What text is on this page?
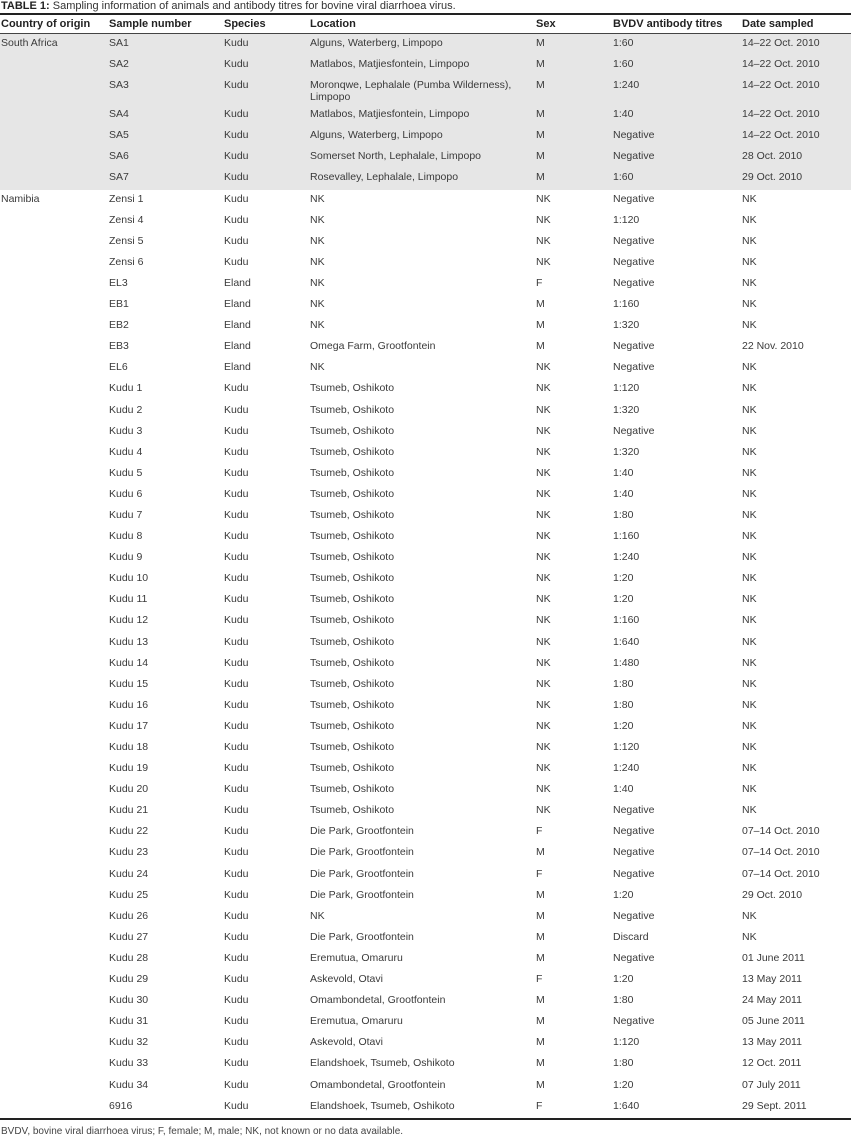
TABLE 1: Sampling information of animals and antibody titres for bovine viral diarrhoea virus.
Country of origin	Sample number	Species	Location	Sex	BVDV antibody titres	Date sampled
South Africa	SA1	Kudu	Alguns, Waterberg, Limpopo	M	1:60	14–22 Oct. 2010
	SA2	Kudu	Matlabos, Matjiesfontein, Limpopo	M	1:60	14–22 Oct. 2010
	SA3	Kudu	Moronqwe, Lephalale (Pumba Wilderness), Limpopo	M	1:240	14–22 Oct. 2010
	SA4	Kudu	Matlabos, Matjiesfontein, Limpopo	M	1:40	14–22 Oct. 2010
	SA5	Kudu	Alguns, Waterberg, Limpopo	M	Negative	14–22 Oct. 2010
	SA6	Kudu	Somerset North, Lephalale, Limpopo	M	Negative	28 Oct. 2010
	SA7	Kudu	Rosevalley, Lephalale, Limpopo	M	1:60	29 Oct. 2010
Namibia	Zensi 1	Kudu	NK	NK	Negative	NK
	Zensi 4	Kudu	NK	NK	1:120	NK
	Zensi 5	Kudu	NK	NK	Negative	NK
	Zensi 6	Kudu	NK	NK	Negative	NK
	EL3	Eland	NK	F	Negative	NK
	EB1	Eland	NK	M	1:160	NK
	EB2	Eland	NK	M	1:320	NK
	EB3	Eland	Omega Farm, Grootfontein	M	Negative	22 Nov. 2010
	EL6	Eland	NK	NK	Negative	NK
	Kudu 1	Kudu	Tsumeb, Oshikoto	NK	1:120	NK
	Kudu 2	Kudu	Tsumeb, Oshikoto	NK	1:320	NK
	Kudu 3	Kudu	Tsumeb, Oshikoto	NK	Negative	NK
	Kudu 4	Kudu	Tsumeb, Oshikoto	NK	1:320	NK
	Kudu 5	Kudu	Tsumeb, Oshikoto	NK	1:40	NK
	Kudu 6	Kudu	Tsumeb, Oshikoto	NK	1:40	NK
	Kudu 7	Kudu	Tsumeb, Oshikoto	NK	1:80	NK
	Kudu 8	Kudu	Tsumeb, Oshikoto	NK	1:160	NK
	Kudu 9	Kudu	Tsumeb, Oshikoto	NK	1:240	NK
	Kudu 10	Kudu	Tsumeb, Oshikoto	NK	1:20	NK
	Kudu 11	Kudu	Tsumeb, Oshikoto	NK	1:20	NK
	Kudu 12	Kudu	Tsumeb, Oshikoto	NK	1:160	NK
	Kudu 13	Kudu	Tsumeb, Oshikoto	NK	1:640	NK
	Kudu 14	Kudu	Tsumeb, Oshikoto	NK	1:480	NK
	Kudu 15	Kudu	Tsumeb, Oshikoto	NK	1:80	NK
	Kudu 16	Kudu	Tsumeb, Oshikoto	NK	1:80	NK
	Kudu 17	Kudu	Tsumeb, Oshikoto	NK	1:20	NK
	Kudu 18	Kudu	Tsumeb, Oshikoto	NK	1:120	NK
	Kudu 19	Kudu	Tsumeb, Oshikoto	NK	1:240	NK
	Kudu 20	Kudu	Tsumeb, Oshikoto	NK	1:40	NK
	Kudu 21	Kudu	Tsumeb, Oshikoto	NK	Negative	NK
	Kudu 22	Kudu	Die Park, Grootfontein	F	Negative	07–14 Oct. 2010
	Kudu 23	Kudu	Die Park, Grootfontein	M	Negative	07–14 Oct. 2010
	Kudu 24	Kudu	Die Park, Grootfontein	F	Negative	07–14 Oct. 2010
	Kudu 25	Kudu	Die Park, Grootfontein	M	1:20	29 Oct. 2010
	Kudu 26	Kudu	NK	M	Negative	NK
	Kudu 27	Kudu	Die Park, Grootfontein	M	Discard	NK
	Kudu 28	Kudu	Eremutua, Omaruru	M	Negative	01 June 2011
	Kudu 29	Kudu	Askevold, Otavi	F	1:20	13 May 2011
	Kudu 30	Kudu	Omambondetal, Grootfontein	M	1:80	24 May 2011
	Kudu 31	Kudu	Eremutua, Omaruru	M	Negative	05 June 2011
	Kudu 32	Kudu	Askevold, Otavi	M	1:120	13 May 2011
	Kudu 33	Kudu	Elandshoek, Tsumeb, Oshikoto	M	1:80	12 Oct. 2011
	Kudu 34	Kudu	Omambondetal, Grootfontein	M	1:20	07 July 2011
	6916	Kudu	Elandshoek, Tsumeb, Oshikoto	F	1:640	29 Sept. 2011
BVDV, bovine viral diarrhoea virus; F, female; M, male; NK, not known or no data available.
